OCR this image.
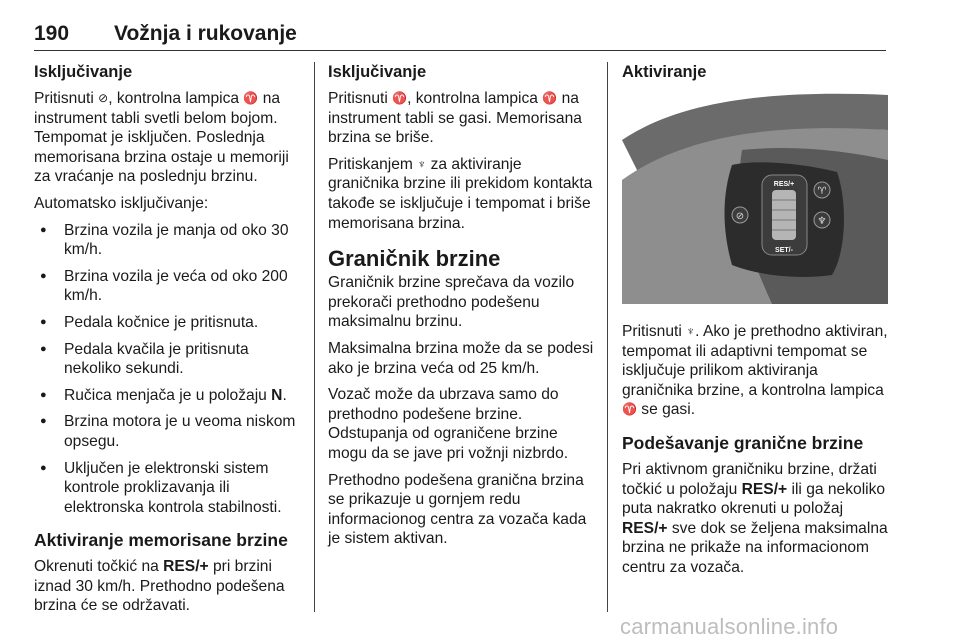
190 Vožnja i rukovanje
Isključivanje

Pritisnuti ⊘, kontrolna lampica ♈ na instrument tabli svetli belom bojom. Tempomat je isključen. Poslednja memorisana brzina ostaje u memoriji za vraćanje na poslednju brzinu.

Automatsko isključivanje:

● Brzina vozila je manja od oko 30 km/h.
● Brzina vozila je veća od oko 200 km/h.
● Pedala kočnice je pritisnuta.
● Pedala kvačila je pritisnuta nekoliko sekundi.
● Ručica menjača je u položaju N.
● Brzina motora je u veoma niskom opsegu.
● Uključen je elektronski sistem kontrole proklizavanja ili elektronska kontrola stabilnosti.
Aktiviranje memorisane brzine

Okrenuti točkić na RES/+ pri brzini iznad 30 km/h. Prethodno podešena brzina će se održavati.

Isključivanje

Pritisnuti ♈, kontrolna lampica ♈ na instrument tabli se gasi. Memorisana brzina se briše.

Pritiskanjem ♆ za aktiviranje graničnika brzine ili prekidom kontakta takođe se isključuje i tempomat i briše memorisana brzina.

Graničnik brzine

Graničnik brzine sprečava da vozilo prekorači prethodno podešenu maksimalnu brzinu.

Maksimalna brzina može da se podesi ako je brzina veća od 25 km/h.

Vozač može da ubrzava samo do prethodno podešene brzine. Odstupanja od ograničene brzine mogu da se jave pri vožnji nizbrdo.

Prethodno podešena graničnа brzina se prikazuje u gornjem redu informacionog centra za vozača kada je sistem aktivan.

Aktiviranje
RES/+
SET/-
⊘
♈
♆

Pritisnuti ♆. Ako je prethodno aktiviran, tempomat ili adaptivni tempomat se isključuje prilikom aktiviranja graničnika brzine, a kontrolna lampica ♈ se gasi.

Podešavanje granične brzine

Pri aktivnom graničniku brzine, držati točkić u položaju RES/+ ili ga nekoliko puta nakratko okrenuti u položaj RES/+ sve dok se željena maksimalna brzina ne prikaže na informacionom centru za vozača.

carmanualsonline.info
